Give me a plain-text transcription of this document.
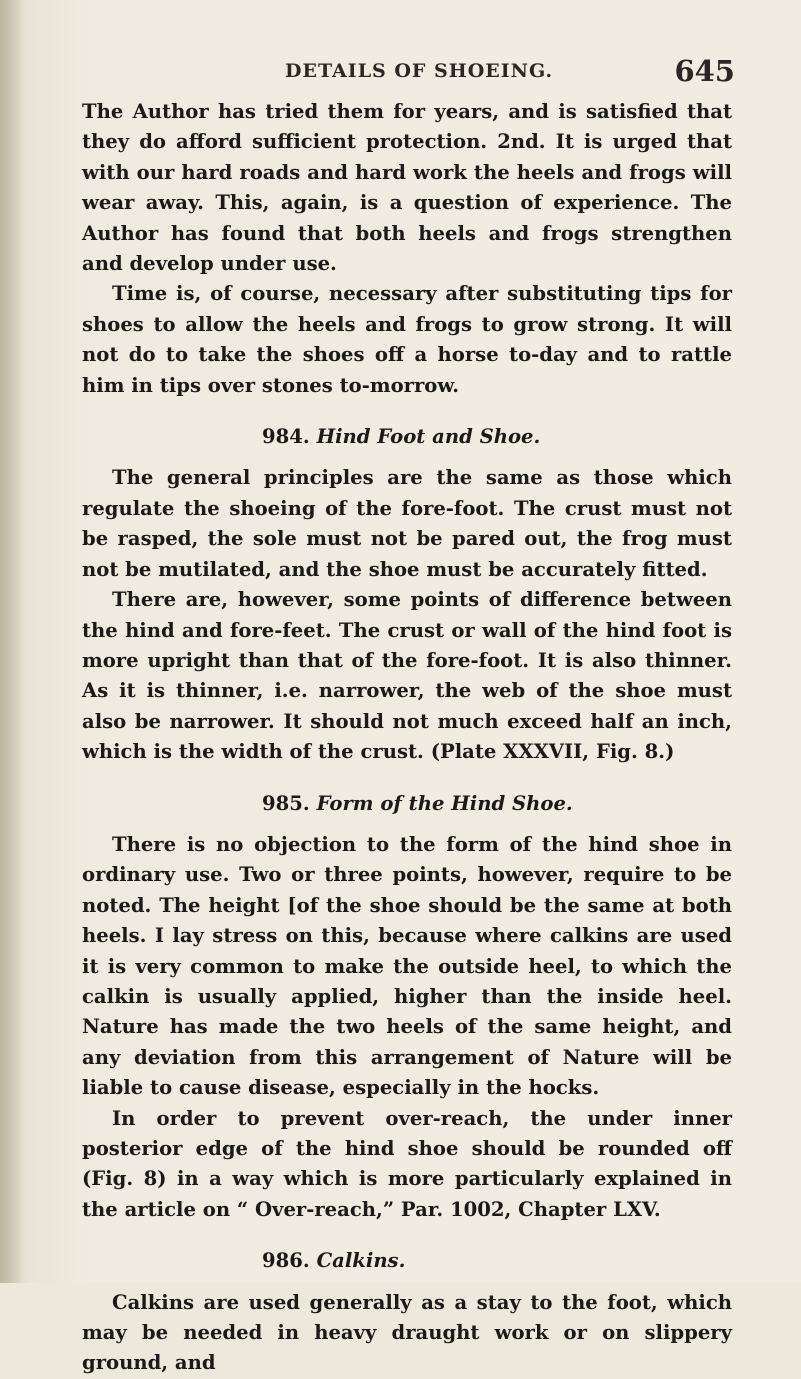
DETAILS OF SHOEING.	645

The Author has tried them for years, and is satisfied that they do afford sufficient protection. 2nd. It is urged that with our hard roads and hard work the heels and frogs will wear away. This, again, is a question of experience. The Author has found that both heels and frogs strengthen and develop under use.

Time is, of course, necessary after substituting tips for shoes to allow the heels and frogs to grow strong. It will not do to take the shoes off a horse to-day and to rattle him in tips over stones to-morrow.

984. Hind Foot and Shoe.

The general principles are the same as those which regulate the shoeing of the fore-foot. The crust must not be rasped, the sole must not be pared out, the frog must not be mutilated, and the shoe must be accurately fitted.

There are, however, some points of difference between the hind and fore-feet. The crust or wall of the hind foot is more upright than that of the fore-foot. It is also thinner. As it is thinner, i.e. narrower, the web of the shoe must also be narrower. It should not much exceed half an inch, which is the width of the crust. (Plate XXXVII, Fig. 8.)

985. Form of the Hind Shoe.

There is no objection to the form of the hind shoe in ordinary use. Two or three points, however, require to be noted. The height [of the shoe should be the same at both heels. I lay stress on this, because where calkins are used it is very common to make the outside heel, to which the calkin is usually applied, higher than the inside heel. Nature has made the two heels of the same height, and any deviation from this arrangement of Nature will be liable to cause disease, especially in the hocks.

In order to prevent over-reach, the under inner posterior edge of the hind shoe should be rounded off (Fig. 8) in a way which is more particularly explained in the article on “ Over-reach,” Par. 1002, Chapter LXV.

986. Calkins.

Calkins are used generally as a stay to the foot, which may be needed in heavy draught work or on slippery ground, and
